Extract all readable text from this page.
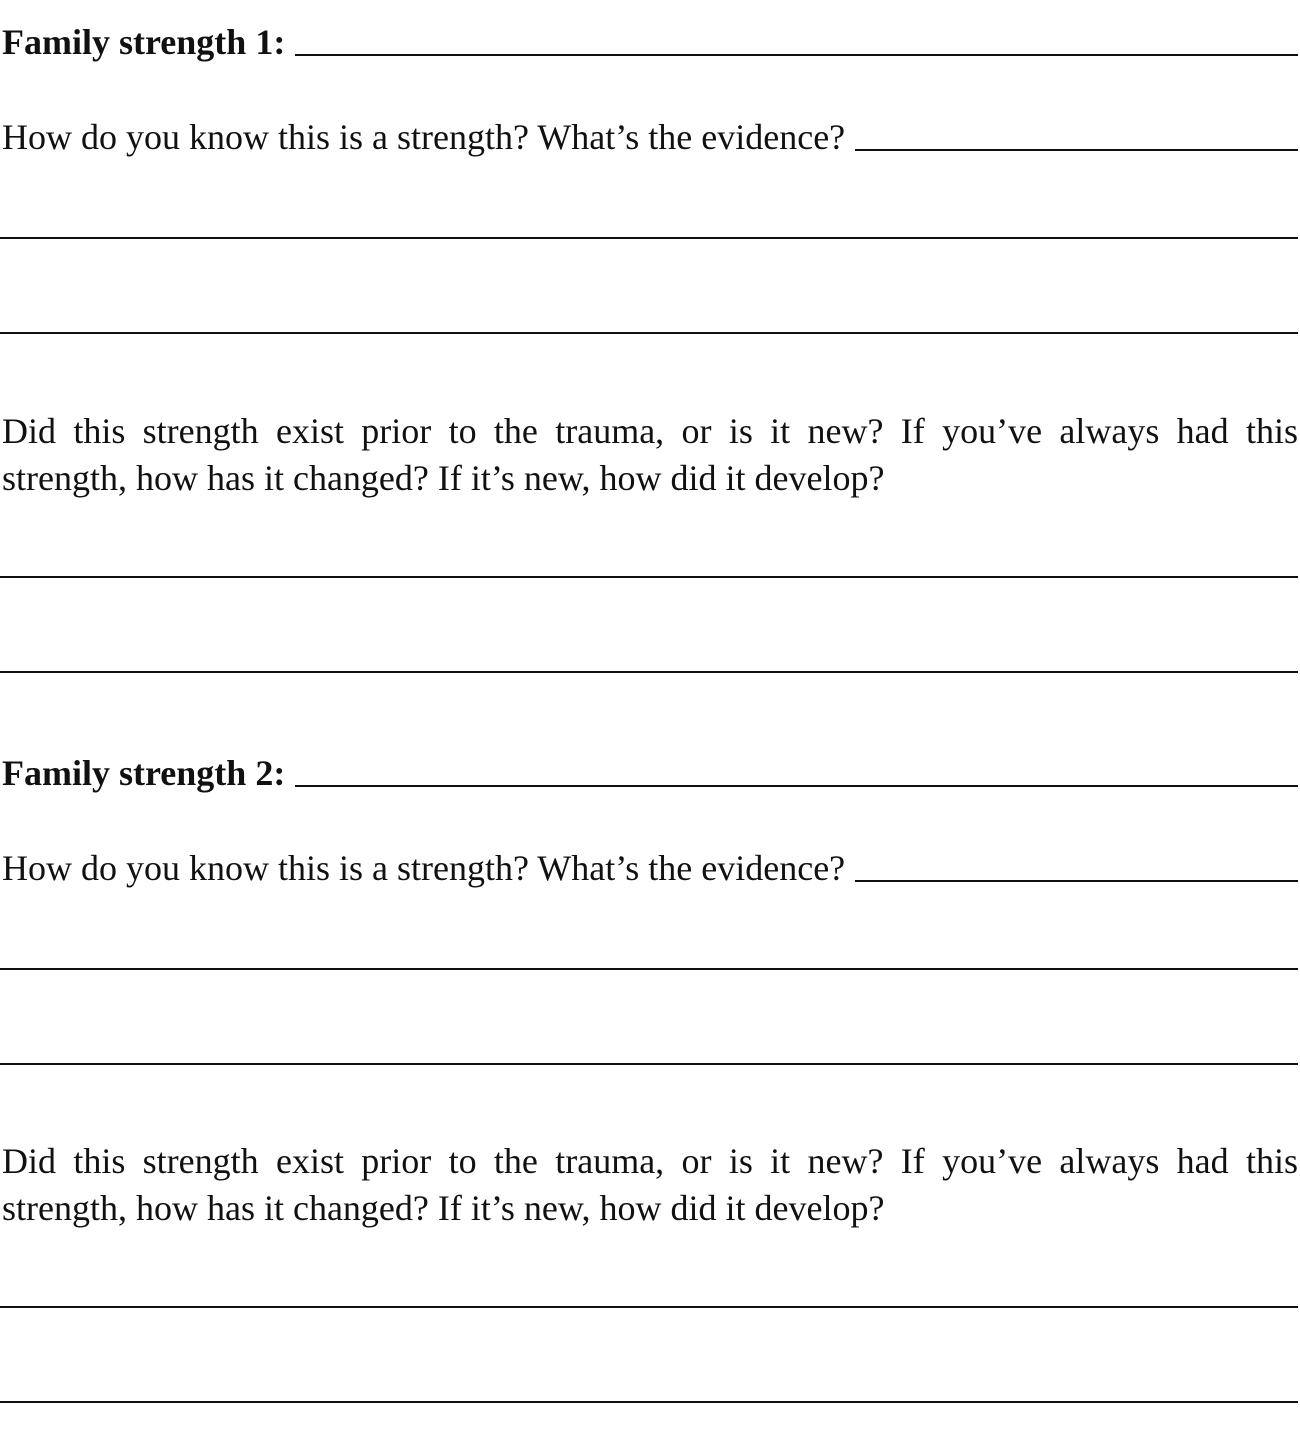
Family strength 1:
How do you know this is a strength? What’s the evidence?
Did this strength exist prior to the trauma, or is it new? If you’ve always had this strength, how has it changed? If it’s new, how did it develop?
Family strength 2:
How do you know this is a strength? What’s the evidence?
Did this strength exist prior to the trauma, or is it new? If you’ve always had this strength, how has it changed? If it’s new, how did it develop?
